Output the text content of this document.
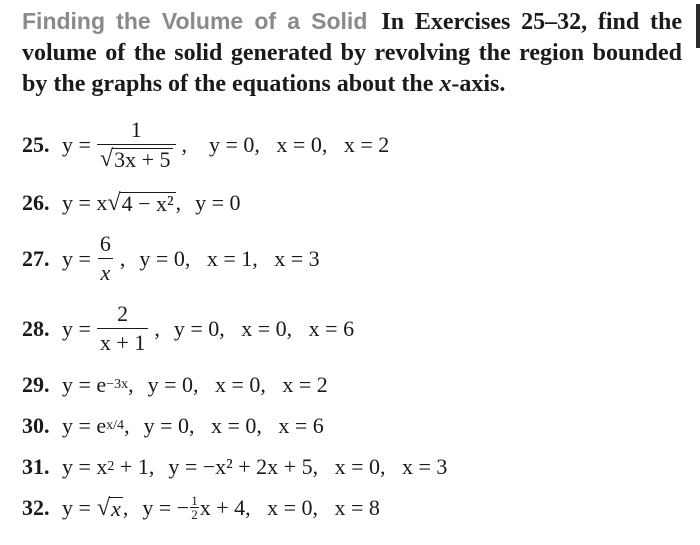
Finding the Volume of a Solid In Exercises 25–32, find the volume of the solid generated by revolving the region bounded by the graphs of the equations about the x-axis.
25. $y = \frac{1}{√ 3x + 5}$ , y = 0,   x = 0,   x = 2
26. y = x √ 4 − x² , y = 0
27. $y = \frac{6}{x}$ , y = 0,   x = 1,   x = 3
28. $y = \frac{2}{x + 1}$ , y = 0,   x = 0,   x = 6
29. y = e −3x , y = 0,   x = 0,   x = 2
30. y = e x/4 , y = 0,   x = 0,   x = 6
31. y = x 2 + 1, y = −x² + 2x + 5,   x = 0,   x = 3
32. y = √ x , y = − $\frac{1}{2}$ x + 4,   x = 0,   x = 8
